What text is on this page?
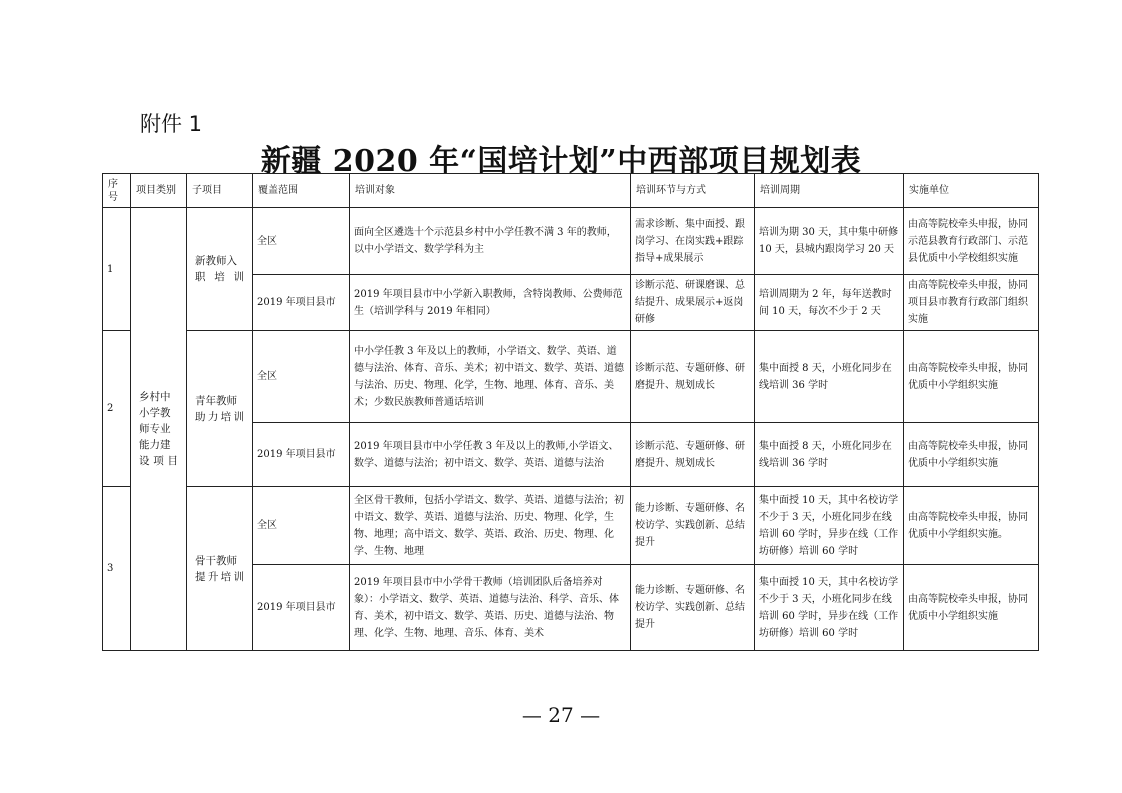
附件 1
新疆 2020 年“国培计划”中西部项目规划表
序号	项目类别	子项目	覆盖范围	培训对象	培训环节与方式	培训周期	实施单位
1	乡村中小学教师专业能力建设项目	新教师入职培训	全区	面向全区遴选十个示范县乡村中小学任教不满 3 年的教师，以中小学语文、数学学科为主	需求诊断、集中面授、跟岗学习、在岗实践+跟踪指导+成果展示	培训为期 30 天，其中集中研修 10 天，县城内跟岗学习 20 天	由高等院校牵头申报，协同示范县教育行政部门、示范县优质中小学校组织实施
			2019 年项目县市	2019 年项目县市中小学新入职教师，含特岗教师、公费师范生（培训学科与 2019 年相同）	诊断示范、研课磨课、总结提升、成果展示+返岗研修	培训周期为 2 年，每年送教时间 10 天，每次不少于 2 天	由高等院校牵头申报，协同项目县市教育行政部门组织实施
2		青年教师助力培训	全区	中小学任教 3 年及以上的教师，小学语文、数学、英语、道德与法治、体育、音乐、美术；初中语文、数学、英语、道德与法治、历史、物理、化学，生物、地理、体育、音乐、美术；少数民族教师普通话培训	诊断示范、专题研修、研磨提升、规划成长	集中面授 8 天，小班化同步在线培训 36 学时	由高等院校牵头申报，协同优质中小学组织实施
			2019 年项目县市	2019 年项目县市中小学任教 3 年及以上的教师,小学语文、数学、道德与法治；初中语文、数学、英语、道德与法治	诊断示范、专题研修、研磨提升、规划成长	集中面授 8 天，小班化同步在线培训 36 学时	由高等院校牵头申报，协同优质中小学组织实施
3		骨干教师提升培训	全区	全区骨干教师，包括小学语文、数学、英语、道德与法治；初中语文、数学、英语、道德与法治、历史、物理、化学，生物、地理；高中语文、数学、英语、政治、历史、物理、化学、生物、地理	能力诊断、专题研修、名校访学、实践创新、总结提升	集中面授 10 天，其中名校访学不少于 3 天，小班化同步在线培训 60 学时，异步在线（工作坊研修）培训 60 学时	由高等院校牵头申报，协同优质中小学组织实施。
			2019 年项目县市	2019 年项目县市中小学骨干教师（培训团队后备培养对象）：小学语文、数学、英语、道德与法治、科学、音乐、体育、美术，初中语文、数学、英语、历史、道德与法治、物理、化学、生物、地理、音乐、体育、美术	能力诊断、专题研修、名校访学、实践创新、总结提升	集中面授 10 天，其中名校访学不少于 3 天，小班化同步在线培训 60 学时，异步在线（工作坊研修）培训 60 学时	由高等院校牵头申报，协同优质中小学组织实施
— 27 —
